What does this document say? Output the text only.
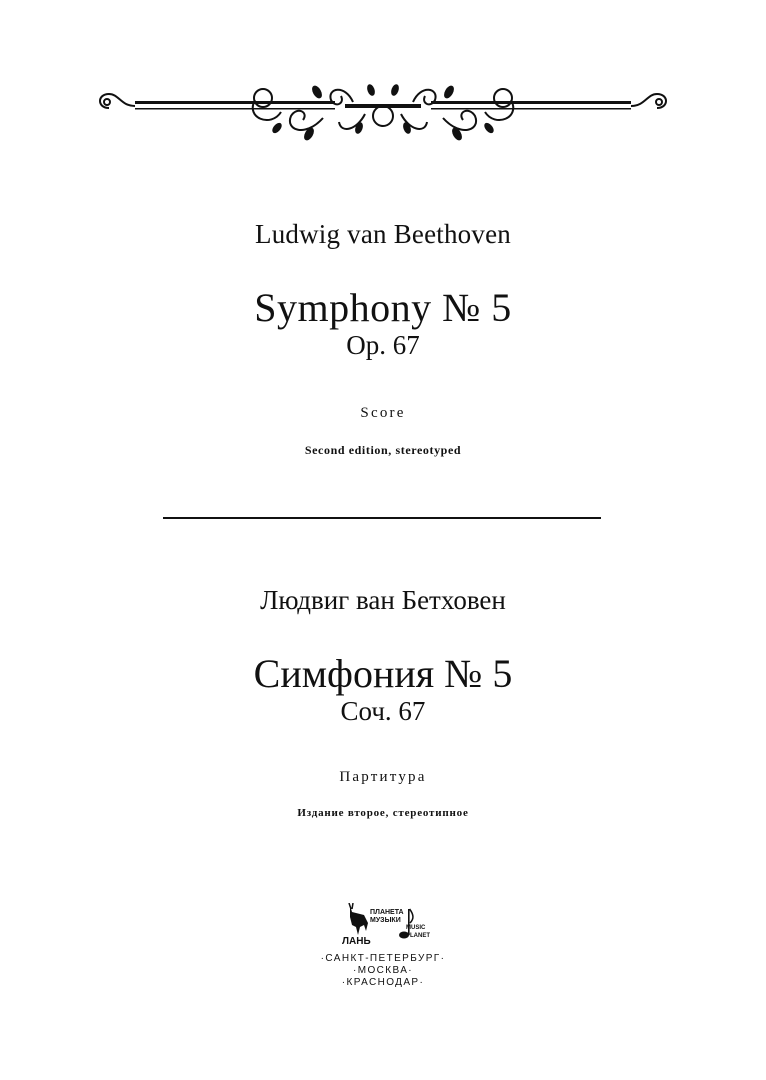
Ludwig van Beethoven
Symphony № 5
Op. 67
Score
Second edition, stereotyped
Людвиг ван Бетховен
Симфония № 5
Соч. 67
Партитура
Издание второе, стереотипное
ЛАНЬ
ПЛАНЕТА
МУЗЫКИ
MUSIC
PLANET
·САНКТ-ПЕТЕРБУРГ·
·МОСКВА·
·КРАСНОДАР·
